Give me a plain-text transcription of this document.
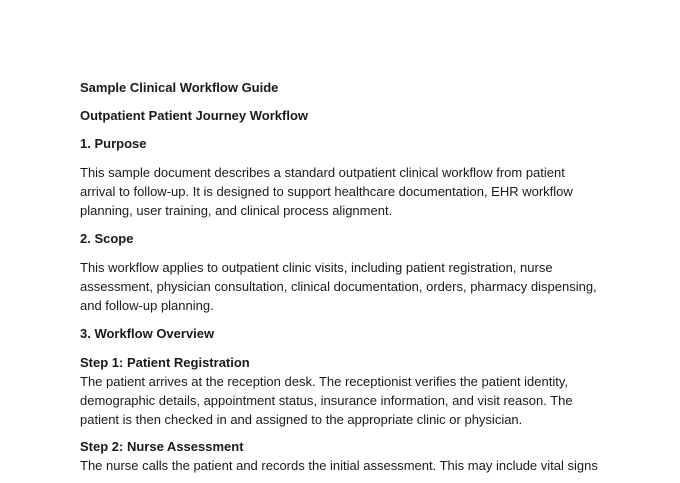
Sample Clinical Workflow Guide

Outpatient Patient Journey Workflow

1. Purpose

This sample document describes a standard outpatient clinical workflow from patient arrival to follow-up. It is designed to support healthcare documentation, EHR workflow planning, user training, and clinical process alignment.

2. Scope

This workflow applies to outpatient clinic visits, including patient registration, nurse assessment, physician consultation, clinical documentation, orders, pharmacy dispensing, and follow-up planning.

3. Workflow Overview

Step 1: Patient Registration

The patient arrives at the reception desk. The receptionist verifies the patient identity, demographic details, appointment status, insurance information, and visit reason. The patient is then checked in and assigned to the appropriate clinic or physician.

Step 2: Nurse Assessment

The nurse calls the patient and records the initial assessment. This may include vital signs
